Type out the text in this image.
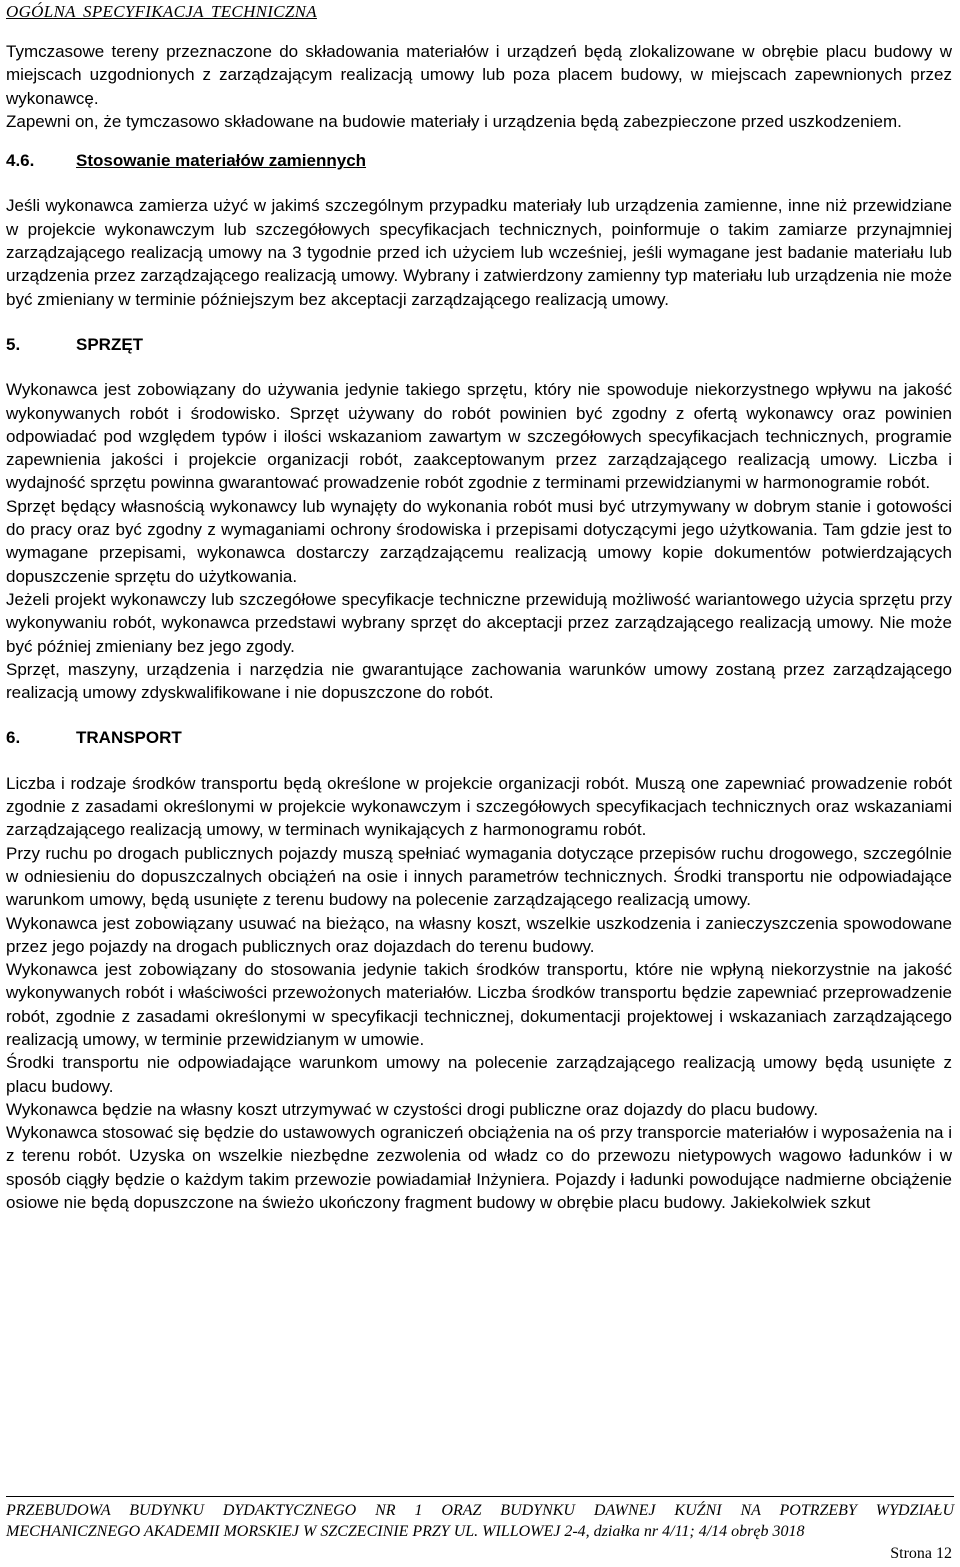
OGÓLNA SPECYFIKACJA TECHNICZNA

Tymczasowe tereny przeznaczone do składowania materiałów i urządzeń będą zlokalizowane w obrębie placu budowy w miejscach uzgodnionych z zarządzającym realizacją umowy lub poza placem budowy, w miejscach zapewnionych przez wykonawcę.

Zapewni on, że tymczasowo składowane na budowie materiały i urządzenia będą zabezpieczone przed uszkodzeniem.

4.6.	Stosowanie materiałów zamiennych

Jeśli wykonawca zamierza użyć w jakimś szczególnym przypadku materiały lub urządzenia zamienne, inne niż przewidziane w projekcie wykonawczym lub szczegółowych specyfikacjach technicznych, poinformuje o takim zamiarze przynajmniej zarządzającego realizacją umowy na 3 tygodnie przed ich użyciem lub wcześniej, jeśli wymagane jest badanie materiału lub urządzenia przez zarządzającego realizacją umowy. Wybrany i zatwierdzony zamienny typ materiału lub urządzenia nie może być zmieniany w terminie późniejszym bez akceptacji zarządzającego realizacją umowy.

5.	SPRZĘT

Wykonawca jest zobowiązany do używania jedynie takiego sprzętu, który nie spowoduje niekorzystnego wpływu na jakość wykonywanych robót i środowisko. Sprzęt używany do robót powinien być zgodny z ofertą wykonawcy oraz powinien odpowiadać pod względem typów i ilości wskazaniom zawartym w szczegółowych specyfikacjach technicznych, programie zapewnienia jakości i projekcie organizacji robót, zaakceptowanym przez zarządzającego realizacją umowy. Liczba i wydajność sprzętu powinna gwarantować prowadzenie robót zgodnie z terminami przewidzianymi w harmonogramie robót.

Sprzęt będący własnością wykonawcy lub wynajęty do wykonania robót musi być utrzymywany w dobrym stanie i gotowości do pracy oraz być zgodny z wymaganiami ochrony środowiska i przepisami dotyczącymi jego użytkowania. Tam gdzie jest to wymagane przepisami, wykonawca dostarczy zarządzającemu realizacją umowy kopie dokumentów potwierdzających dopuszczenie sprzętu do użytkowania.

Jeżeli projekt wykonawczy lub szczegółowe specyfikacje techniczne przewidują możliwość wariantowego użycia sprzętu przy wykonywaniu robót, wykonawca przedstawi wybrany sprzęt do akceptacji przez zarządzającego realizacją umowy. Nie może być później zmieniany bez jego zgody.

Sprzęt, maszyny, urządzenia i narzędzia nie gwarantujące zachowania warunków umowy zostaną przez zarządzającego realizacją umowy zdyskwalifikowane i nie dopuszczone do robót.

6.	TRANSPORT

Liczba i rodzaje środków transportu będą określone w projekcie organizacji robót. Muszą one zapewniać prowadzenie robót zgodnie z zasadami określonymi w projekcie wykonawczym i szczegółowych specyfikacjach technicznych oraz wskazaniami zarządzającego realizacją umowy, w terminach wynikających z harmonogramu robót.

Przy ruchu po drogach publicznych pojazdy muszą spełniać wymagania dotyczące przepisów ruchu drogowego, szczególnie w odniesieniu do dopuszczalnych obciążeń na osie i innych parametrów technicznych. Środki transportu nie odpowiadające warunkom umowy, będą usunięte z terenu budowy na polecenie zarządzającego realizacją umowy.

Wykonawca jest zobowiązany usuwać na bieżąco, na własny koszt, wszelkie uszkodzenia i zanieczyszczenia spowodowane przez jego pojazdy na drogach publicznych oraz dojazdach do terenu budowy.

Wykonawca jest zobowiązany do stosowania jedynie takich środków transportu, które nie wpłyną niekorzystnie na jakość wykonywanych robót i właściwości przewożonych materiałów. Liczba środków transportu będzie zapewniać przeprowadzenie robót, zgodnie z zasadami określonymi w specyfikacji technicznej, dokumentacji projektowej i wskazaniach zarządzającego realizacją umowy, w terminie przewidzianym w umowie.

Środki transportu nie odpowiadające warunkom umowy na polecenie zarządzającego realizacją umowy będą usunięte z placu budowy.

Wykonawca będzie na własny koszt utrzymywać w czystości drogi publiczne oraz dojazdy do placu budowy.

Wykonawca stosować się będzie do ustawowych ograniczeń obciążenia na oś przy transporcie materiałów i wyposażenia na i z terenu robót. Uzyska on wszelkie niezbędne zezwolenia od władz co do przewozu nietypowych wagowo ładunków i w sposób ciągły będzie o każdym takim przewozie powiadamiał Inżyniera. Pojazdy i ładunki powodujące nadmierne obciążenie osiowe nie będą dopuszczone na świeżo ukończony fragment budowy w obrębie placu budowy. Jakiekolwiek szkut

PRZEBUDOWA BUDYNKU DYDAKTYCZNEGO NR 1 ORAZ BUDYNKU DAWNEJ KUŹNI NA POTRZEBY WYDZIAŁU
MECHANICZNEGO AKADEMII MORSKIEJ W SZCZECINIE PRZY UL. WILLOWEJ 2-4, działka nr 4/11; 4/14 obręb 3018
Strona 12
